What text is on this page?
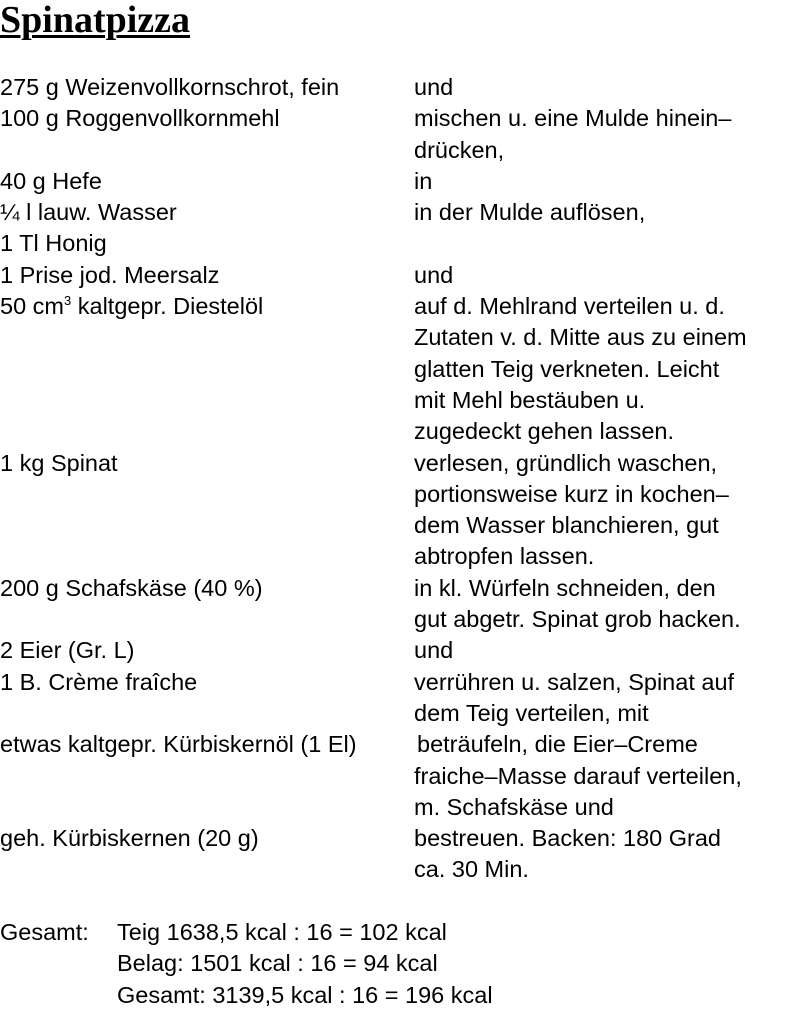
Spinatpizza
275 g Weizenvollkornschrot, fein	und
100 g Roggenvollkornmehl	mischen u. eine Mulde hinein–
drücken,
40 g Hefe	in
¼ l lauw. Wasser	in der Mulde auflösen,
1 Tl Honig
1 Prise jod. Meersalz	und
50 $cm^3$ kaltgepr. Diestelöl	auf d. Mehlrand verteilen u. d.
Zutaten v. d. Mitte aus zu einem
glatten Teig verkneten. Leicht
mit Mehl bestäuben u.
zugedeckt gehen lassen.
1 kg Spinat	verlesen, gründlich waschen,
portionsweise kurz in kochen–
dem Wasser blanchieren, gut
abtropfen lassen.
200 g Schafskäse (40 %)	in kl. Würfeln schneiden, den
gut abgetr. Spinat grob hacken.
2 Eier (Gr. L)	und
1 B. Crème fraîche	verrühren u. salzen, Spinat auf
dem Teig verteilen, mit
etwas kaltgepr. Kürbiskernöl (1 El)	beträufeln, die Eier–Creme
fraiche–Masse darauf verteilen,
m. Schafskäse und
geh. Kürbiskernen (20 g)	bestreuen. Backen: 180 Grad
ca. 30 Min.
Gesamt: Teig 1638,5 kcal : 16 = 102 kcal
Belag: 1501 kcal : 16 = 94 kcal
Gesamt: 3139,5 kcal : 16 = 196 kcal
